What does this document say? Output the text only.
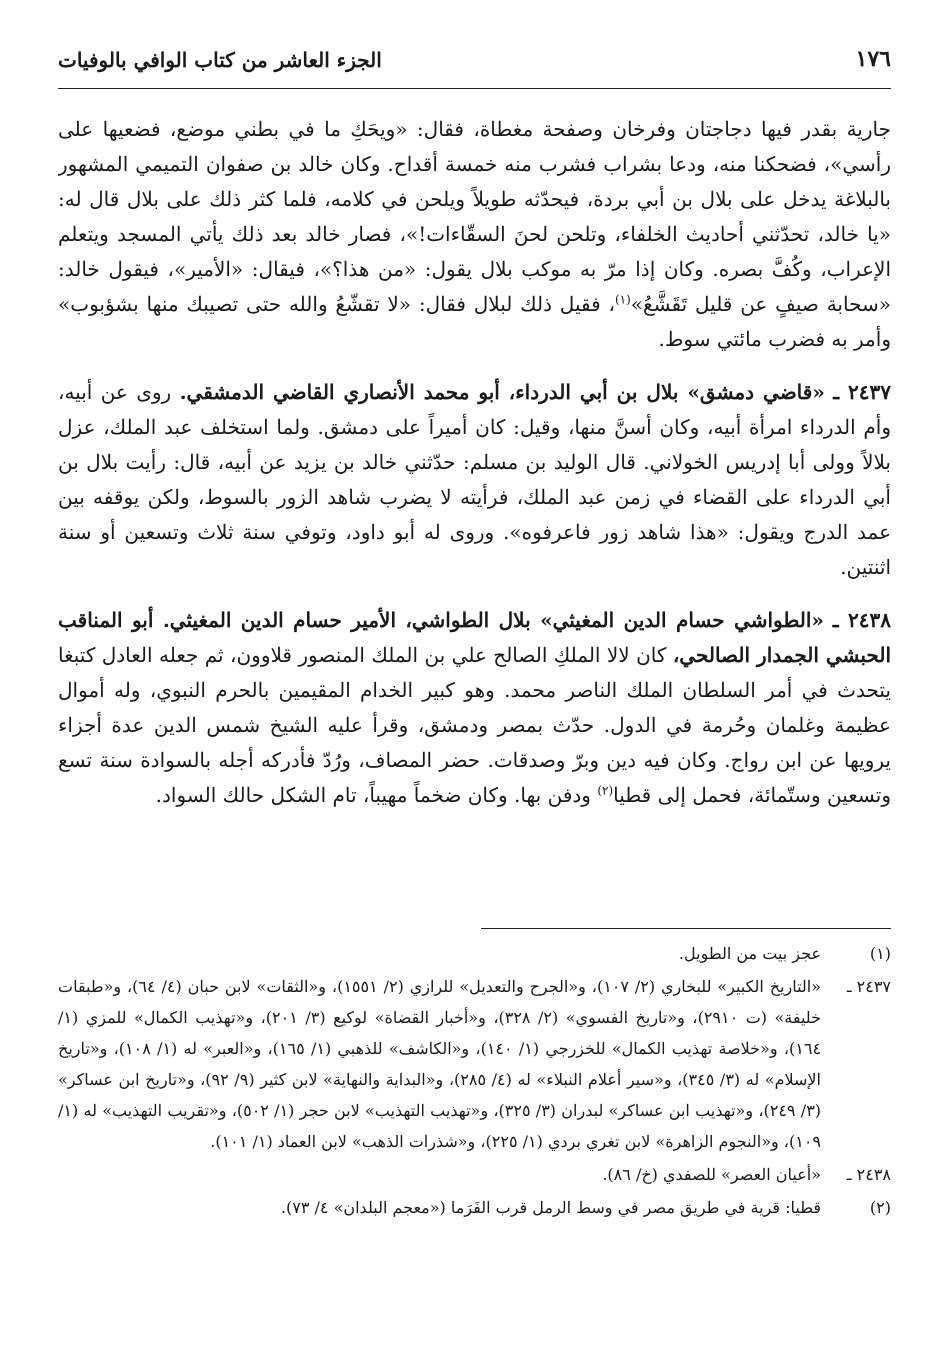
١٧٦
الجزء العاشر من كتاب الوافي بالوفيات

جارية بقدر فيها دجاجتان وفرخان وصفحة مغطاة، فقال: «ويحَكِ ما في بطني موضع، فضعيها على رأسي»، فضحكنا منه، ودعا بشراب فشرب منه خمسة أقداح. وكان خالد بن صفوان التميمي المشهور بالبلاغة يدخل على بلال بن أبي بردة، فيحدّثه طويلاً ويلحن في كلامه، فلما كثر ذلك على بلال قال له: «يا خالد، تحدّثني أحاديث الخلفاء، وتلحن لحنَ السقّاءات!»، فصار خالد بعد ذلك يأتي المسجد ويتعلم الإعراب، وكُفَّ بصره. وكان إذا مرّ به موكب بلال يقول: «من هذا؟»، فيقال: «الأمير»، فيقول خالد: «سحابة صيفٍ عن قليل تَقَشَّعُ»$^{(١)}$، فقيل ذلك لبلال فقال: «لا تقشّعُ والله حتى تصيبك منها بشؤبوب» وأمر به فضرب مائتي سوط.

٢٤٣٧ ـ «قاضي دمشق» بلال بن أبي الدرداء، أبو محمد الأنصاري القاضي الدمشقي. روى عن أبيه، وأم الدرداء امرأة أبيه، وكان أسنَّ منها، وقيل: كان أميراً على دمشق. ولما استخلف عبد الملك، عزل بلالاً وولى أبا إدريس الخولاني. قال الوليد بن مسلم: حدّثني خالد بن يزيد عن أبيه، قال: رأيت بلال بن أبي الدرداء على القضاء في زمن عبد الملك، فرأيته لا يضرب شاهد الزور بالسوط، ولكن يوقفه بين عمد الدرج ويقول: «هذا شاهد زور فاعرفوه». وروى له أبو داود، وتوفي سنة ثلاث وتسعين أو سنة اثنتين.

٢٤٣٨ ـ «الطواشي حسام الدين المغيثي» بلال الطواشي، الأمير حسام الدين المغيثي. أبو المناقب الحبشي الجمدار الصالحي، كان لالا الملكِ الصالح علي بن الملك المنصور قلاوون، ثم جعله العادل كتبغا يتحدث في أمر السلطان الملك الناصر محمد. وهو كبير الخدام المقيمين بالحرم النبوي، وله أموال عظيمة وغلمان وحُرمة في الدول. حدّث بمصر ودمشق، وقرأ عليه الشيخ شمس الدين عدة أجزاء يرويها عن ابن رواج. وكان فيه دين وبرّ وصدقات. حضر المصاف، ورُدّ فأدركه أجله بالسوادة سنة تسع وتسعين وستّمائة، فحمل إلى قطيا$^{(٢)}$ ودفن بها. وكان ضخماً مهيباً، تام الشكل حالك السواد.

(١)
عجز بيت من الطويل.
٢٤٣٧ ـ
«التاريخ الكبير» للبخاري (٢/ ١٠٧)، و«الجرح والتعديل» للرازي (٢/ ١٥٥١)، و«الثقات» لابن حبان (٤/ ٦٤)، و«طبقات خليفة» (ت ٢٩١٠)، و«تاريخ الفسوي» (٢/ ٣٢٨)، و«أخبار القضاة» لوكيع (٣/ ٢٠١)، و«تهذيب الكمال» للمزي (١/ ١٦٤)، و«خلاصة تهذيب الكمال» للخزرجي (١/ ١٤٠)، و«الكاشف» للذهبي (١/ ١٦٥)، و«العبر» له (١/ ١٠٨)، و«تاريخ الإسلام» له (٣/ ٣٤٥)، و«سير أعلام النبلاء» له (٤/ ٢٨٥)، و«البداية والنهاية» لابن كثير (٩/ ٩٢)، و«تاريخ ابن عساكر» (٣/ ٢٤٩)، و«تهذيب ابن عساكر» لبدران (٣/ ٣٢٥)، و«تهذيب التهذيب» لابن حجر (١/ ٥٠٢)، و«تقريب التهذيب» له (١/ ١٠٩)، و«النجوم الزاهرة» لابن تغري بردي (١/ ٢٢٥)، و«شذرات الذهب» لابن العماد (١/ ١٠١).
٢٤٣٨ ـ
«أعيان العصر» للصفدي (خ/ ٨٦).
(٢)
قطيا: قرية في طريق مصر في وسط الرمل قرب الفَرَما («معجم البلدان» ٤/ ٧٣).
